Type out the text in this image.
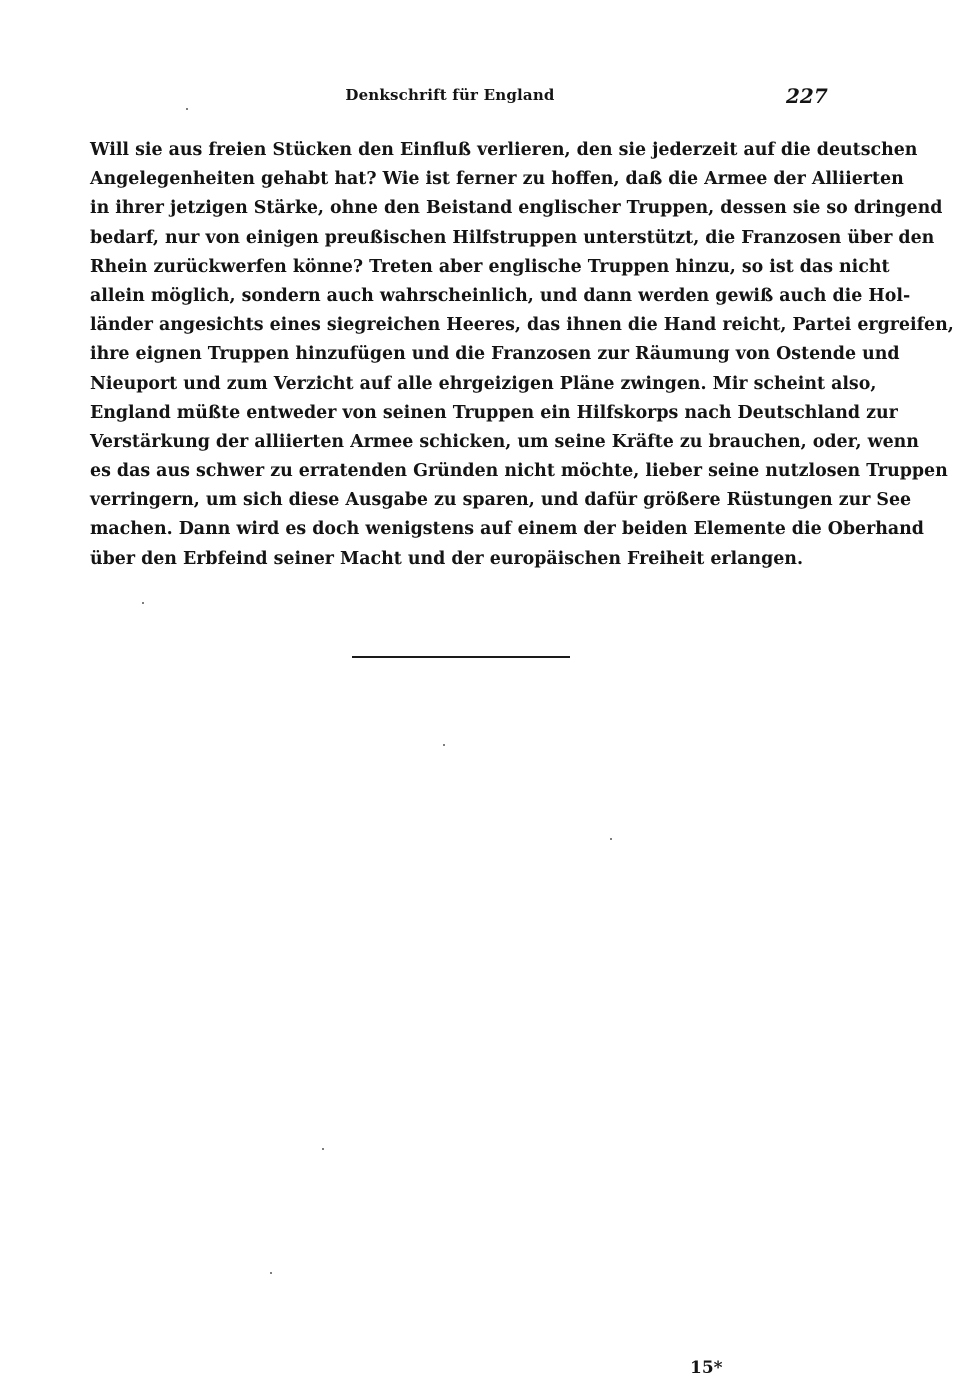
Denkschrift für England	227
Will sie aus freien Stücken den Einfluß verlieren, den sie jederzeit auf die deutschen
Angelegenheiten gehabt hat? Wie ist ferner zu hoffen, daß die Armee der Alliierten
in ihrer jetzigen Stärke, ohne den Beistand englischer Truppen, dessen sie so dringend
bedarf, nur von einigen preußischen Hilfstruppen unterstützt, die Franzosen über den
Rhein zurückwerfen könne? Treten aber englische Truppen hinzu, so ist das nicht
allein möglich, sondern auch wahrscheinlich, und dann werden gewiß auch die Hol-
länder angesichts eines siegreichen Heeres, das ihnen die Hand reicht, Partei ergreifen,
ihre eignen Truppen hinzufügen und die Franzosen zur Räumung von Ostende und
Nieuport und zum Verzicht auf alle ehrgeizigen Pläne zwingen. Mir scheint also,
England müßte entweder von seinen Truppen ein Hilfskorps nach Deutschland zur
Verstärkung der alliierten Armee schicken, um seine Kräfte zu brauchen, oder, wenn
es das aus schwer zu erratenden Gründen nicht möchte, lieber seine nutzlosen Truppen
verringern, um sich diese Ausgabe zu sparen, und dafür größere Rüstungen zur See
machen. Dann wird es doch wenigstens auf einem der beiden Elemente die Oberhand
über den Erbfeind seiner Macht und der europäischen Freiheit erlangen.
15*
